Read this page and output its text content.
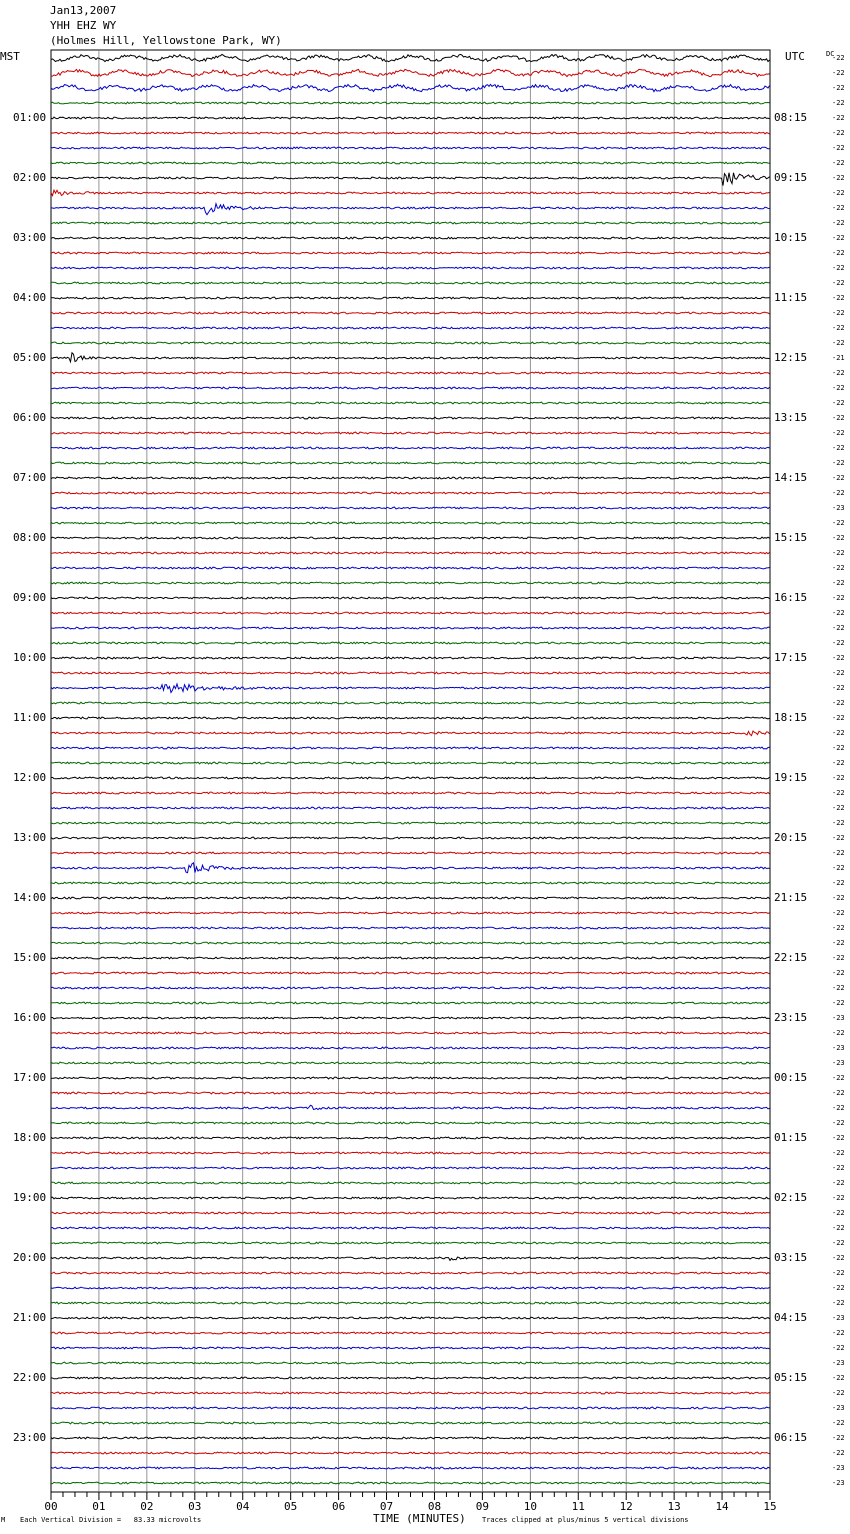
Jan13,2007
YHH EHZ WY
(Holmes Hill, Yellowstone Park, WY)
MST	UTC	DC
00	01	02	03	04	05	06	07	08	09	10	11	12	13	14	15
01:00
02:00
03:00
04:00
05:00
06:00
07:00
08:00
09:00
10:00
11:00
12:00
13:00
14:00
15:00
16:00
17:00
18:00
19:00
20:00
21:00
22:00
23:00
08:15
09:15
10:15
11:15
12:15
13:15
14:15
15:15
16:15
17:15
18:15
19:15
20:15
21:15
22:15
23:15
00:15
01:15
02:15
03:15
04:15
05:15
06:15
-22
-22
-22
-22
-22
-22
-22
-22
-22
-22
-22
-22
-22
-22
-22
-22
-22
-22
-22
-22
-21
-22
-22
-22
-22
-22
-22
-22
-22
-22
-23
-22
-22
-22
-22
-22
-22
-22
-22
-22
-22
-22
-22
-22
-22
-22
-22
-22
-22
-22
-22
-22
-22
-22
-22
-22
-22
-22
-22
-22
-22
-22
-22
-22
-23
-22
-23
-23
-22
-22
-22
-22
-22
-22
-22
-22
-22
-22
-22
-22
-22
-22
-22
-22
-23
-22
-22
-23
-22
-22
-23
-22
-22
-22
-23
-23
M Each Vertical Division =   83.33 microvolts	TIME (MINUTES) Traces clipped at plus/minus 5 vertical divisions
